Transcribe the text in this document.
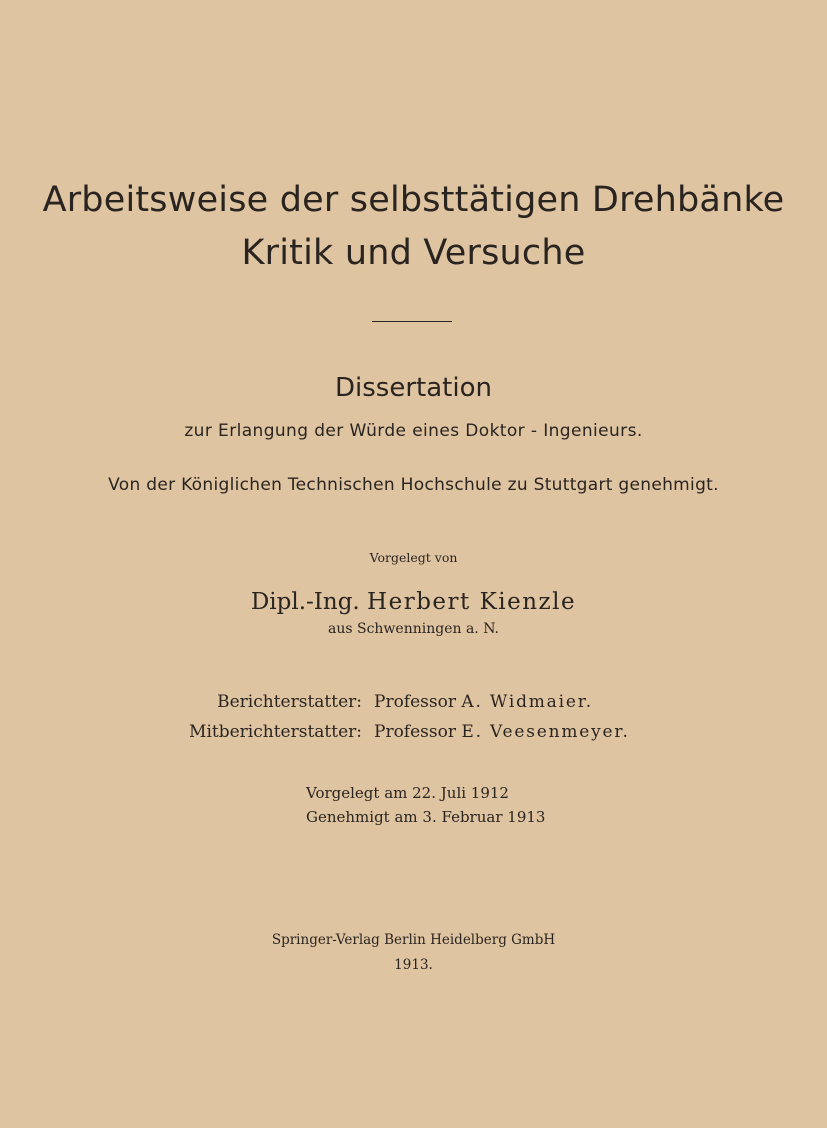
Arbeitsweise der selbsttätigen Drehbänke
Kritik und Versuche
Dissertation
zur Erlangung der Würde eines Doktor - Ingenieurs.
Von der Königlichen Technischen Hochschule zu Stuttgart genehmigt.
Vorgelegt von
Dipl.-Ing. Herbert Kienzle
aus Schwenningen a. N.
Berichterstatter: Professor A. Widmaier.
Mitberichterstatter: Professor E. Veesenmeyer.
Vorgelegt am 22. Juli 1912
Genehmigt am 3. Februar 1913
Springer-Verlag Berlin Heidelberg GmbH
1913.
